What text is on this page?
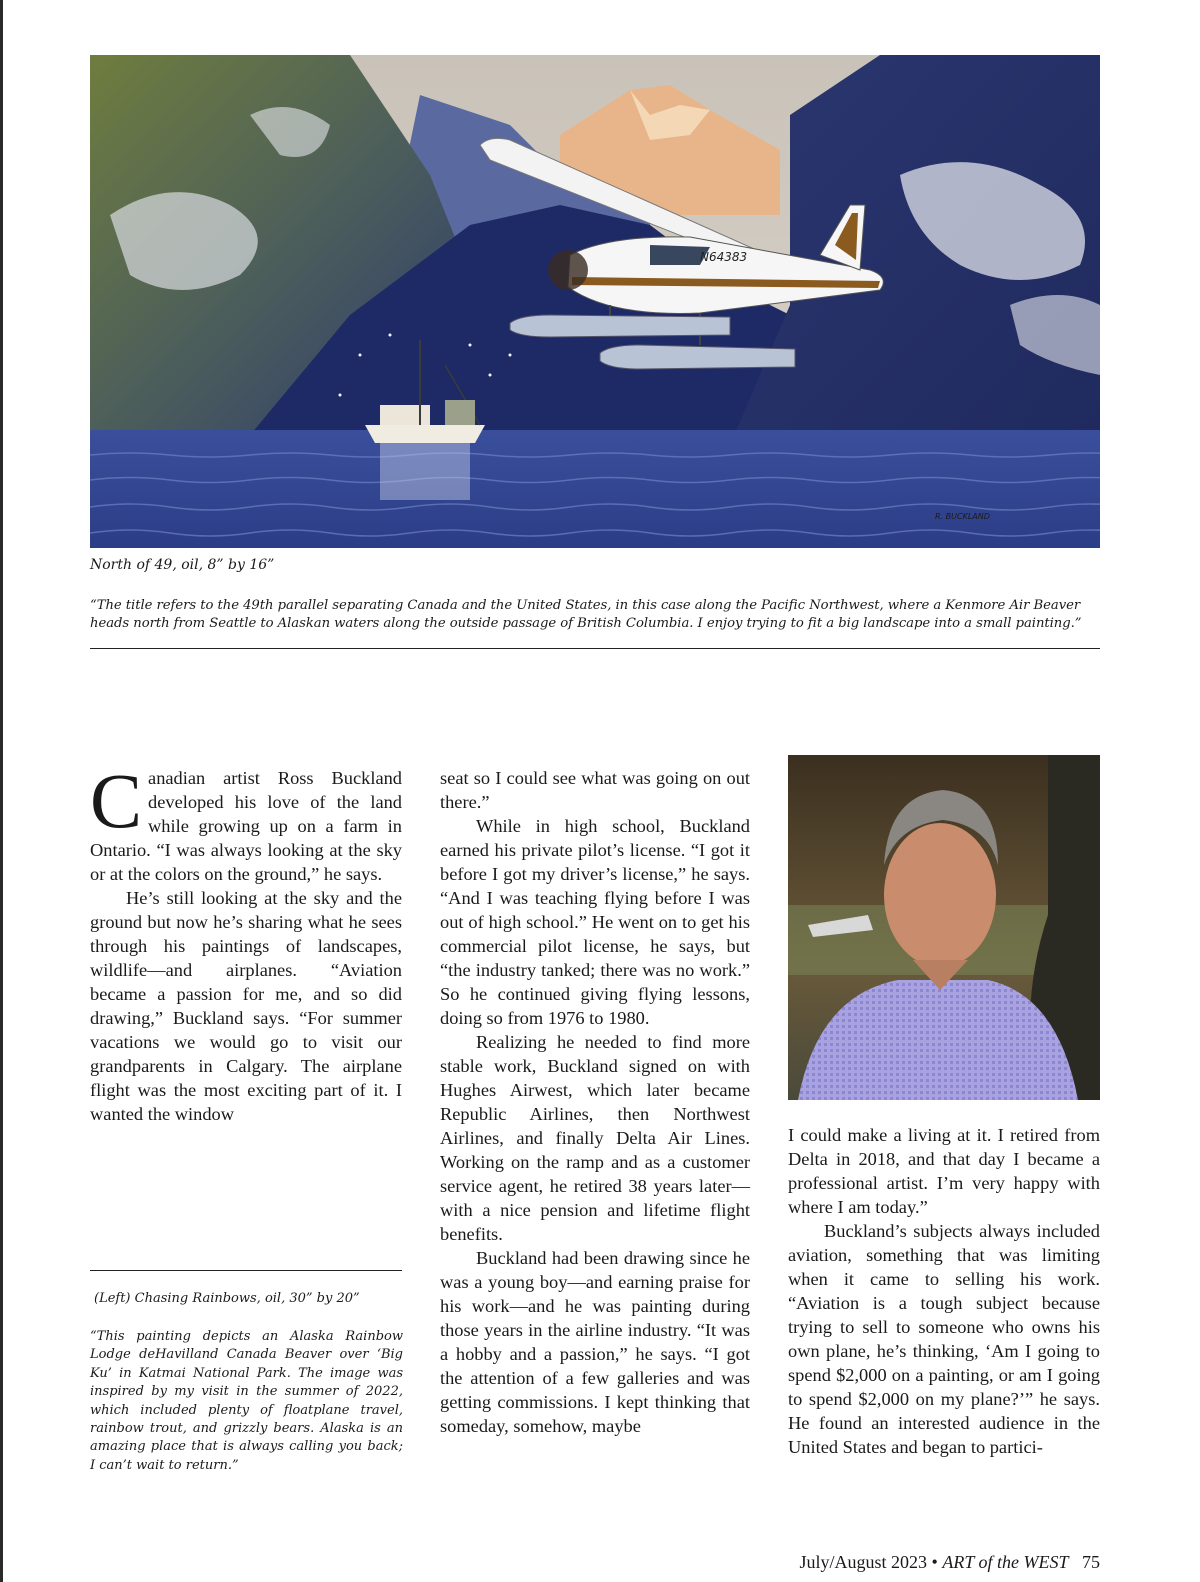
N64383
R. BUCKLAND
North of 49, oil, 8” by 16”
“The title refers to the 49th parallel separating Canada and the United States, in this case along the Pacific Northwest, where a Kenmore Air Beaver heads north from Seattle to Alaskan waters along the outside passage of British Columbia. I enjoy trying to fit a big landscape into a small painting.”

Canadian artist Ross Buckland developed his love of the land while growing up on a farm in Ontario. “I was always looking at the sky or at the colors on the ground,” he says.

He’s still looking at the sky and the ground but now he’s sharing what he sees through his paintings of landscapes, wildlife—and airplanes. “Aviation became a passion for me, and so did drawing,” Buckland says. “For summer vacations we would go to visit our grandparents in Calgary. The airplane flight was the most exciting part of it. I wanted the window

(Left) Chasing Rainbows, oil, 30” by 20”
“This painting depicts an Alaska Rainbow Lodge deHavilland Canada Beaver over ‘Big Ku’ in Katmai National Park. The image was inspired by my visit in the summer of 2022, which included plenty of floatplane travel, rainbow trout, and grizzly bears. Alaska is an amazing place that is always calling you back; I can’t wait to return.”

seat so I could see what was going on out there.”

While in high school, Buckland earned his private pilot’s license. “I got it before I got my driver’s license,” he says. “And I was teaching flying before I was out of high school.” He went on to get his commercial pilot license, he says, but “the industry tanked; there was no work.” So he continued giving flying lessons, doing so from 1976 to 1980.

Realizing he needed to find more stable work, Buckland signed on with Hughes Airwest, which later became Republic Airlines, then Northwest Airlines, and finally Delta Air Lines. Working on the ramp and as a customer service agent, he retired 38 years later—with a nice pension and lifetime flight benefits.

Buckland had been drawing since he was a young boy—and earning praise for his work—and he was painting during those years in the airline industry. “It was a hobby and a passion,” he says. “I got the attention of a few galleries and was getting commissions. I kept thinking that someday, somehow, maybe

I could make a living at it. I retired from Delta in 2018, and that day I became a professional artist. I’m very happy with where I am today.”

Buckland’s subjects always included aviation, something that was limiting when it came to selling his work. “Aviation is a tough subject because trying to sell to someone who owns his own plane, he’s thinking, ‘Am I going to spend $2,000 on a painting, or am I going to spend $2,000 on my plane?’” he says. He found an interested audience in the United States and began to partici-

July/August 2023 • ART of the WEST 75
